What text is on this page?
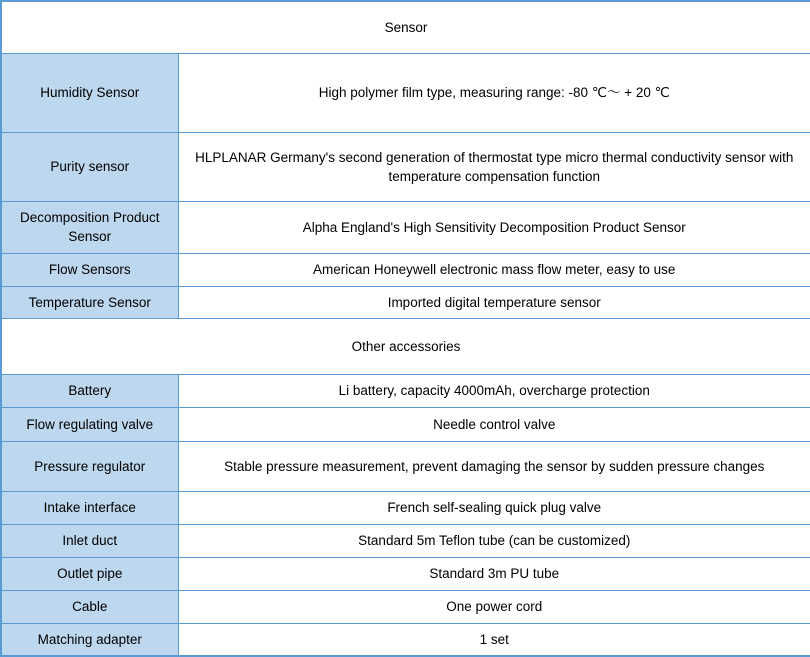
Sensor	
Humidity Sensor	High polymer film type, measuring range: -80 ℃～ + 20 ℃
Purity sensor	HLPLANAR Germany's second generation of thermostat type micro thermal conductivity sensor with temperature compensation function
Decomposition Product Sensor	Alpha England's High Sensitivity Decomposition Product Sensor
Flow Sensors	American Honeywell electronic mass flow meter, easy to use
Temperature Sensor	Imported digital temperature sensor
Other accessories	
Battery	Li battery, capacity 4000mAh, overcharge protection
Flow regulating valve	Needle control valve
Pressure regulator	Stable pressure measurement, prevent damaging the sensor by sudden pressure changes
Intake interface	French self-sealing quick plug valve
Inlet duct	Standard 5m Teflon tube (can be customized)
Outlet pipe	Standard 3m PU tube
Cable	One power cord
Matching adapter	1 set
